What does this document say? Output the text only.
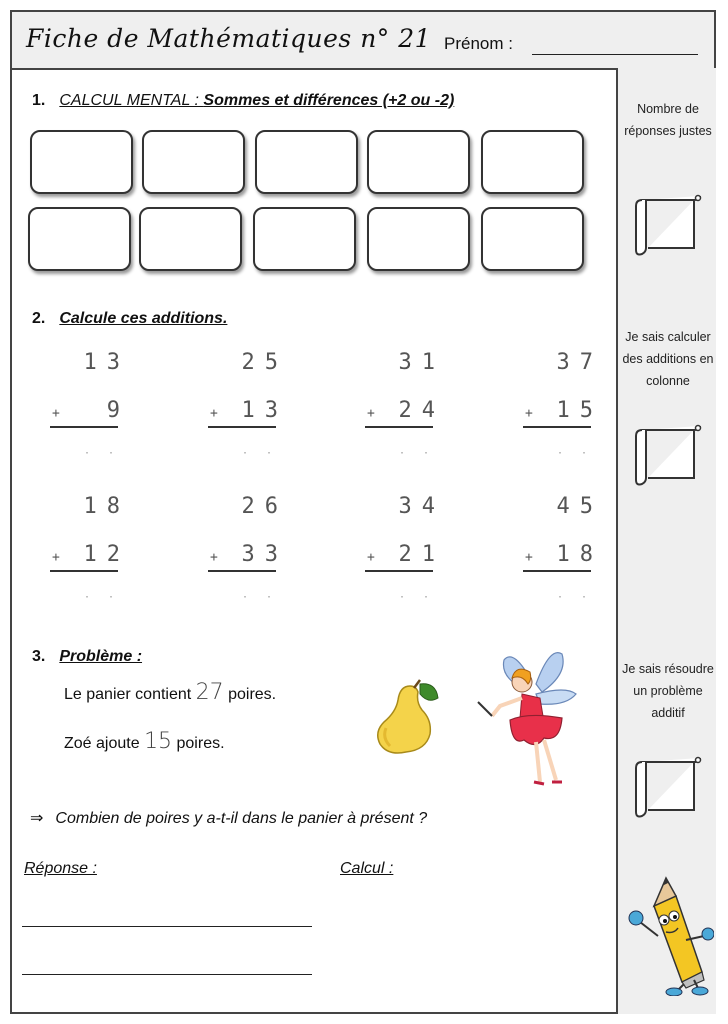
Fiche de Mathématiques n° 21 Prénom :
Nombre de réponses justes
Je sais calculer des additions en colonne
Je sais résoudre un problème additif
1. CALCUL MENTAL : Sommes et différences (+2 ou -2)
2. Calcule ces additions.
13
+ 9
· ·
25
+ 13
· ·
31
+ 24
· ·
37
+ 15
· ·
18
+ 12
· ·
26
+ 33
· ·
34
+ 21
· ·
45
+ 18
· ·
3. Problème :
Le panier contient 27 poires.
Zoé ajoute 15 poires.
⇒ Combien de poires y a-t-il dans le panier à présent ?
Réponse :	Calcul :
